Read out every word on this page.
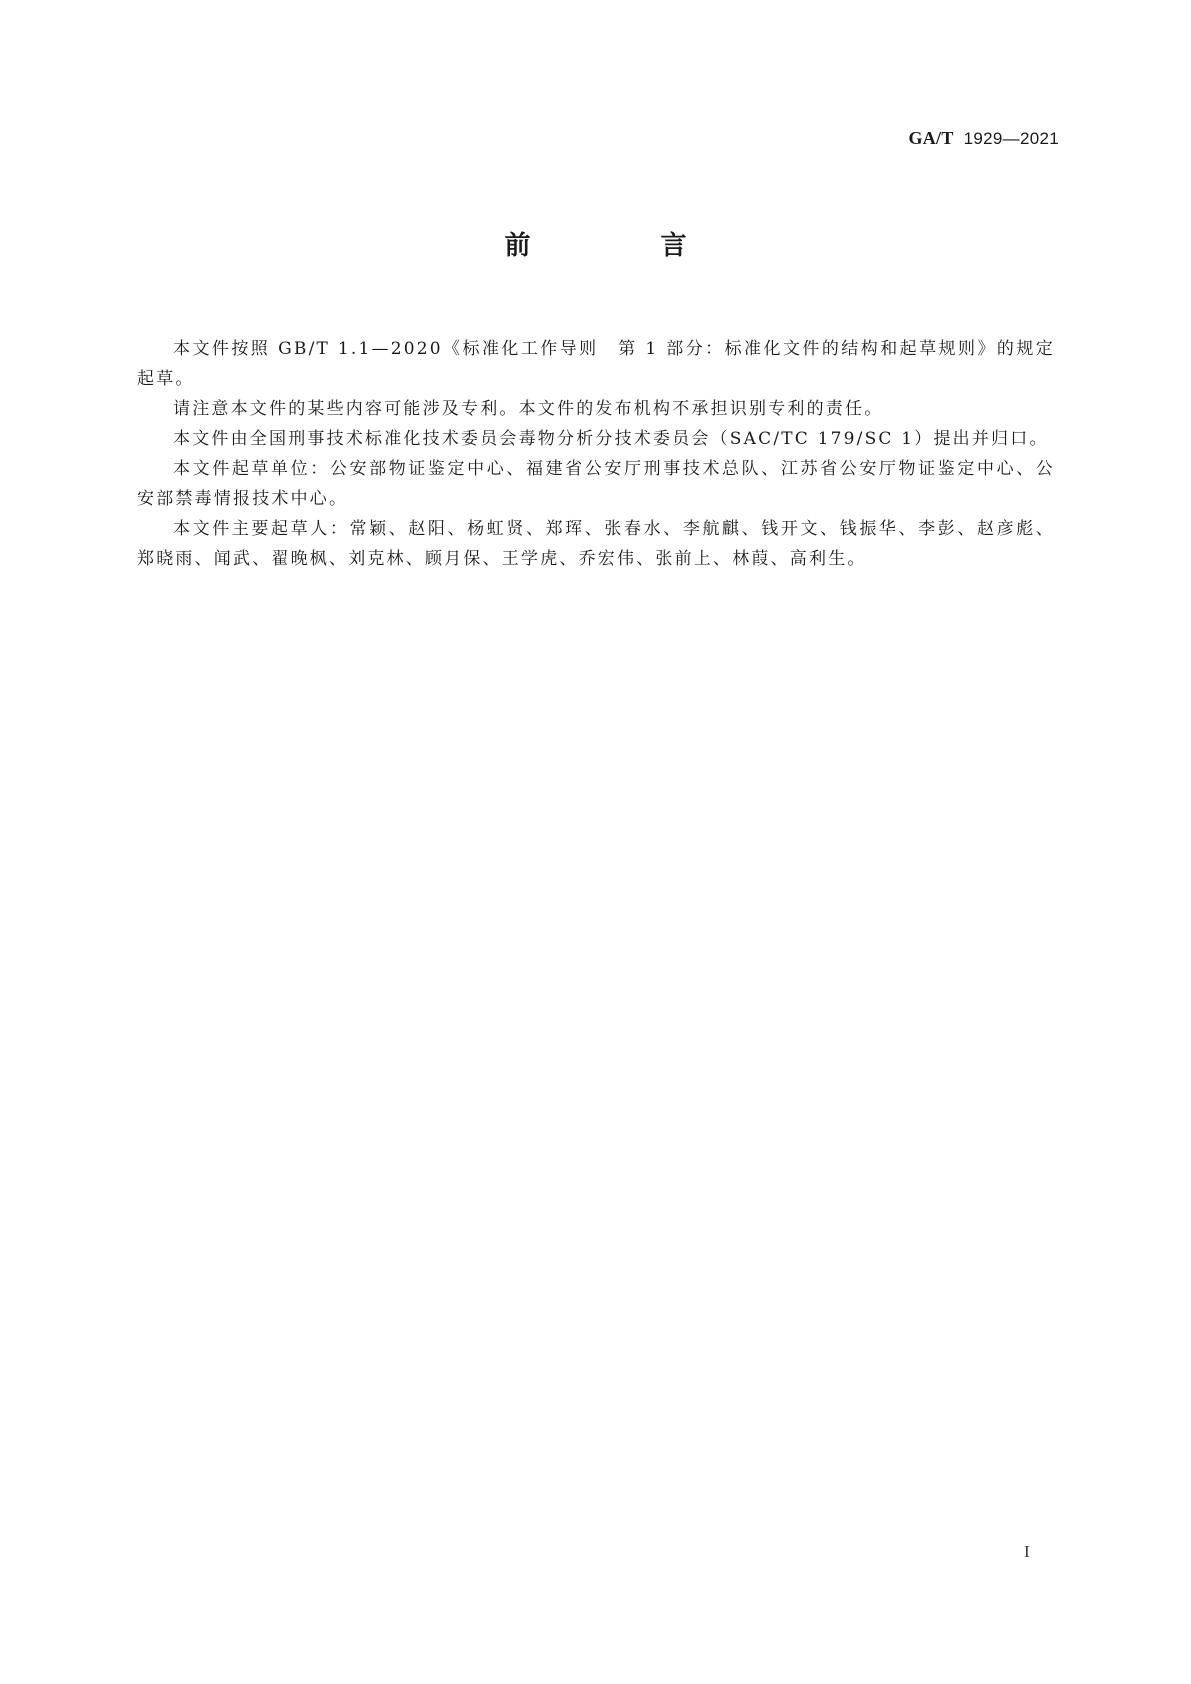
GA/T 1929—2021
前　言

本文件按照 GB/T 1.1—2020《标准化工作导则　第 1 部分：标准化文件的结构和起草规则》的规定起草。

请注意本文件的某些内容可能涉及专利。本文件的发布机构不承担识别专利的责任。

本文件由全国刑事技术标准化技术委员会毒物分析分技术委员会（SAC/TC 179/SC 1）提出并归口。

本文件起草单位：公安部物证鉴定中心、福建省公安厅刑事技术总队、江苏省公安厅物证鉴定中心、公安部禁毒情报技术中心。

本文件主要起草人：常颖、赵阳、杨虹贤、郑珲、张春水、李航麒、钱开文、钱振华、李彭、赵彦彪、郑晓雨、闻武、翟晚枫、刘克林、顾月保、王学虎、乔宏伟、张前上、林葭、高利生。

I
